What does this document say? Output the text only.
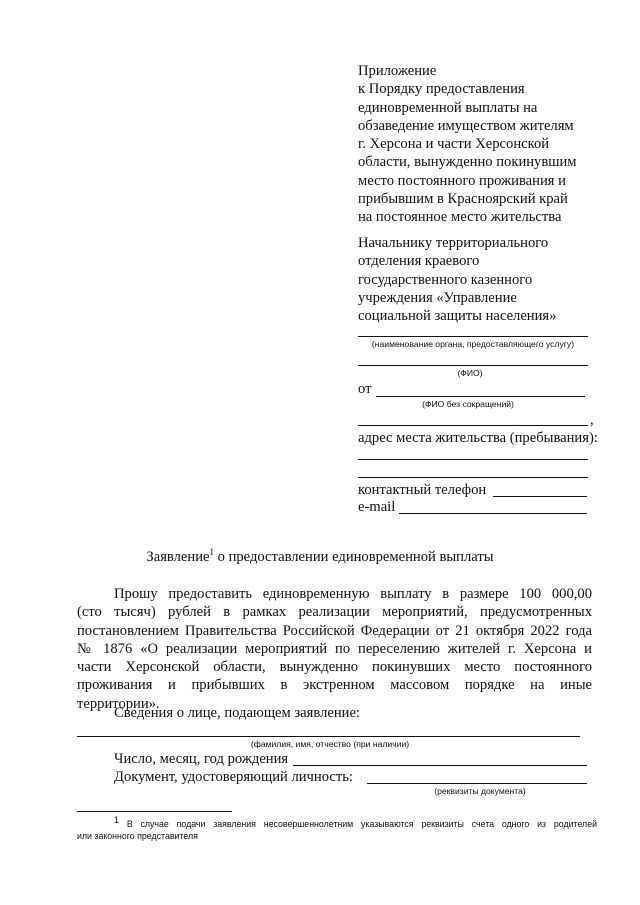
Приложение
к Порядку предоставления
единовременной выплаты на
обзаведение имуществом жителям
г. Херсона и части Херсонской
области, вынужденно покинувшим
место постоянного проживания и
прибывшим в Красноярский край
на постоянное место жительства
Начальнику территориального
отделения краевого
государственного казенного
учреждения «Управление
социальной защиты населения»
(наименование органа, предоставляющего услугу)
(ФИО)
от
(ФИО без сокращений)
,
адрес места жительства (пребывания):
контактный телефон
e-mail
Заявление$^1$ о предоставлении единовременной выплаты
Прошу предоставить единовременную выплату в размере 100 000,00
(сто тысяч) рублей в рамках реализации мероприятий, предусмотренных
постановлением Правительства Российской Федерации от 21 октября 2022 года
№ 1876 «О реализации мероприятий по переселению жителей г. Херсона и
части Херсонской области, вынужденно покинувших место постоянного
проживания и прибывших в экстренном массовом порядке на иные
территории».
Сведения о лице, подающем заявление:
(фамилия, имя, отчество (при наличии)
Число, месяц, год рождения
Документ, удостоверяющий личность:
(реквизиты документа)
$^1$ В случае подачи заявления несовершеннолетним указываются реквизиты счета одного из родителей
или законного представителя
